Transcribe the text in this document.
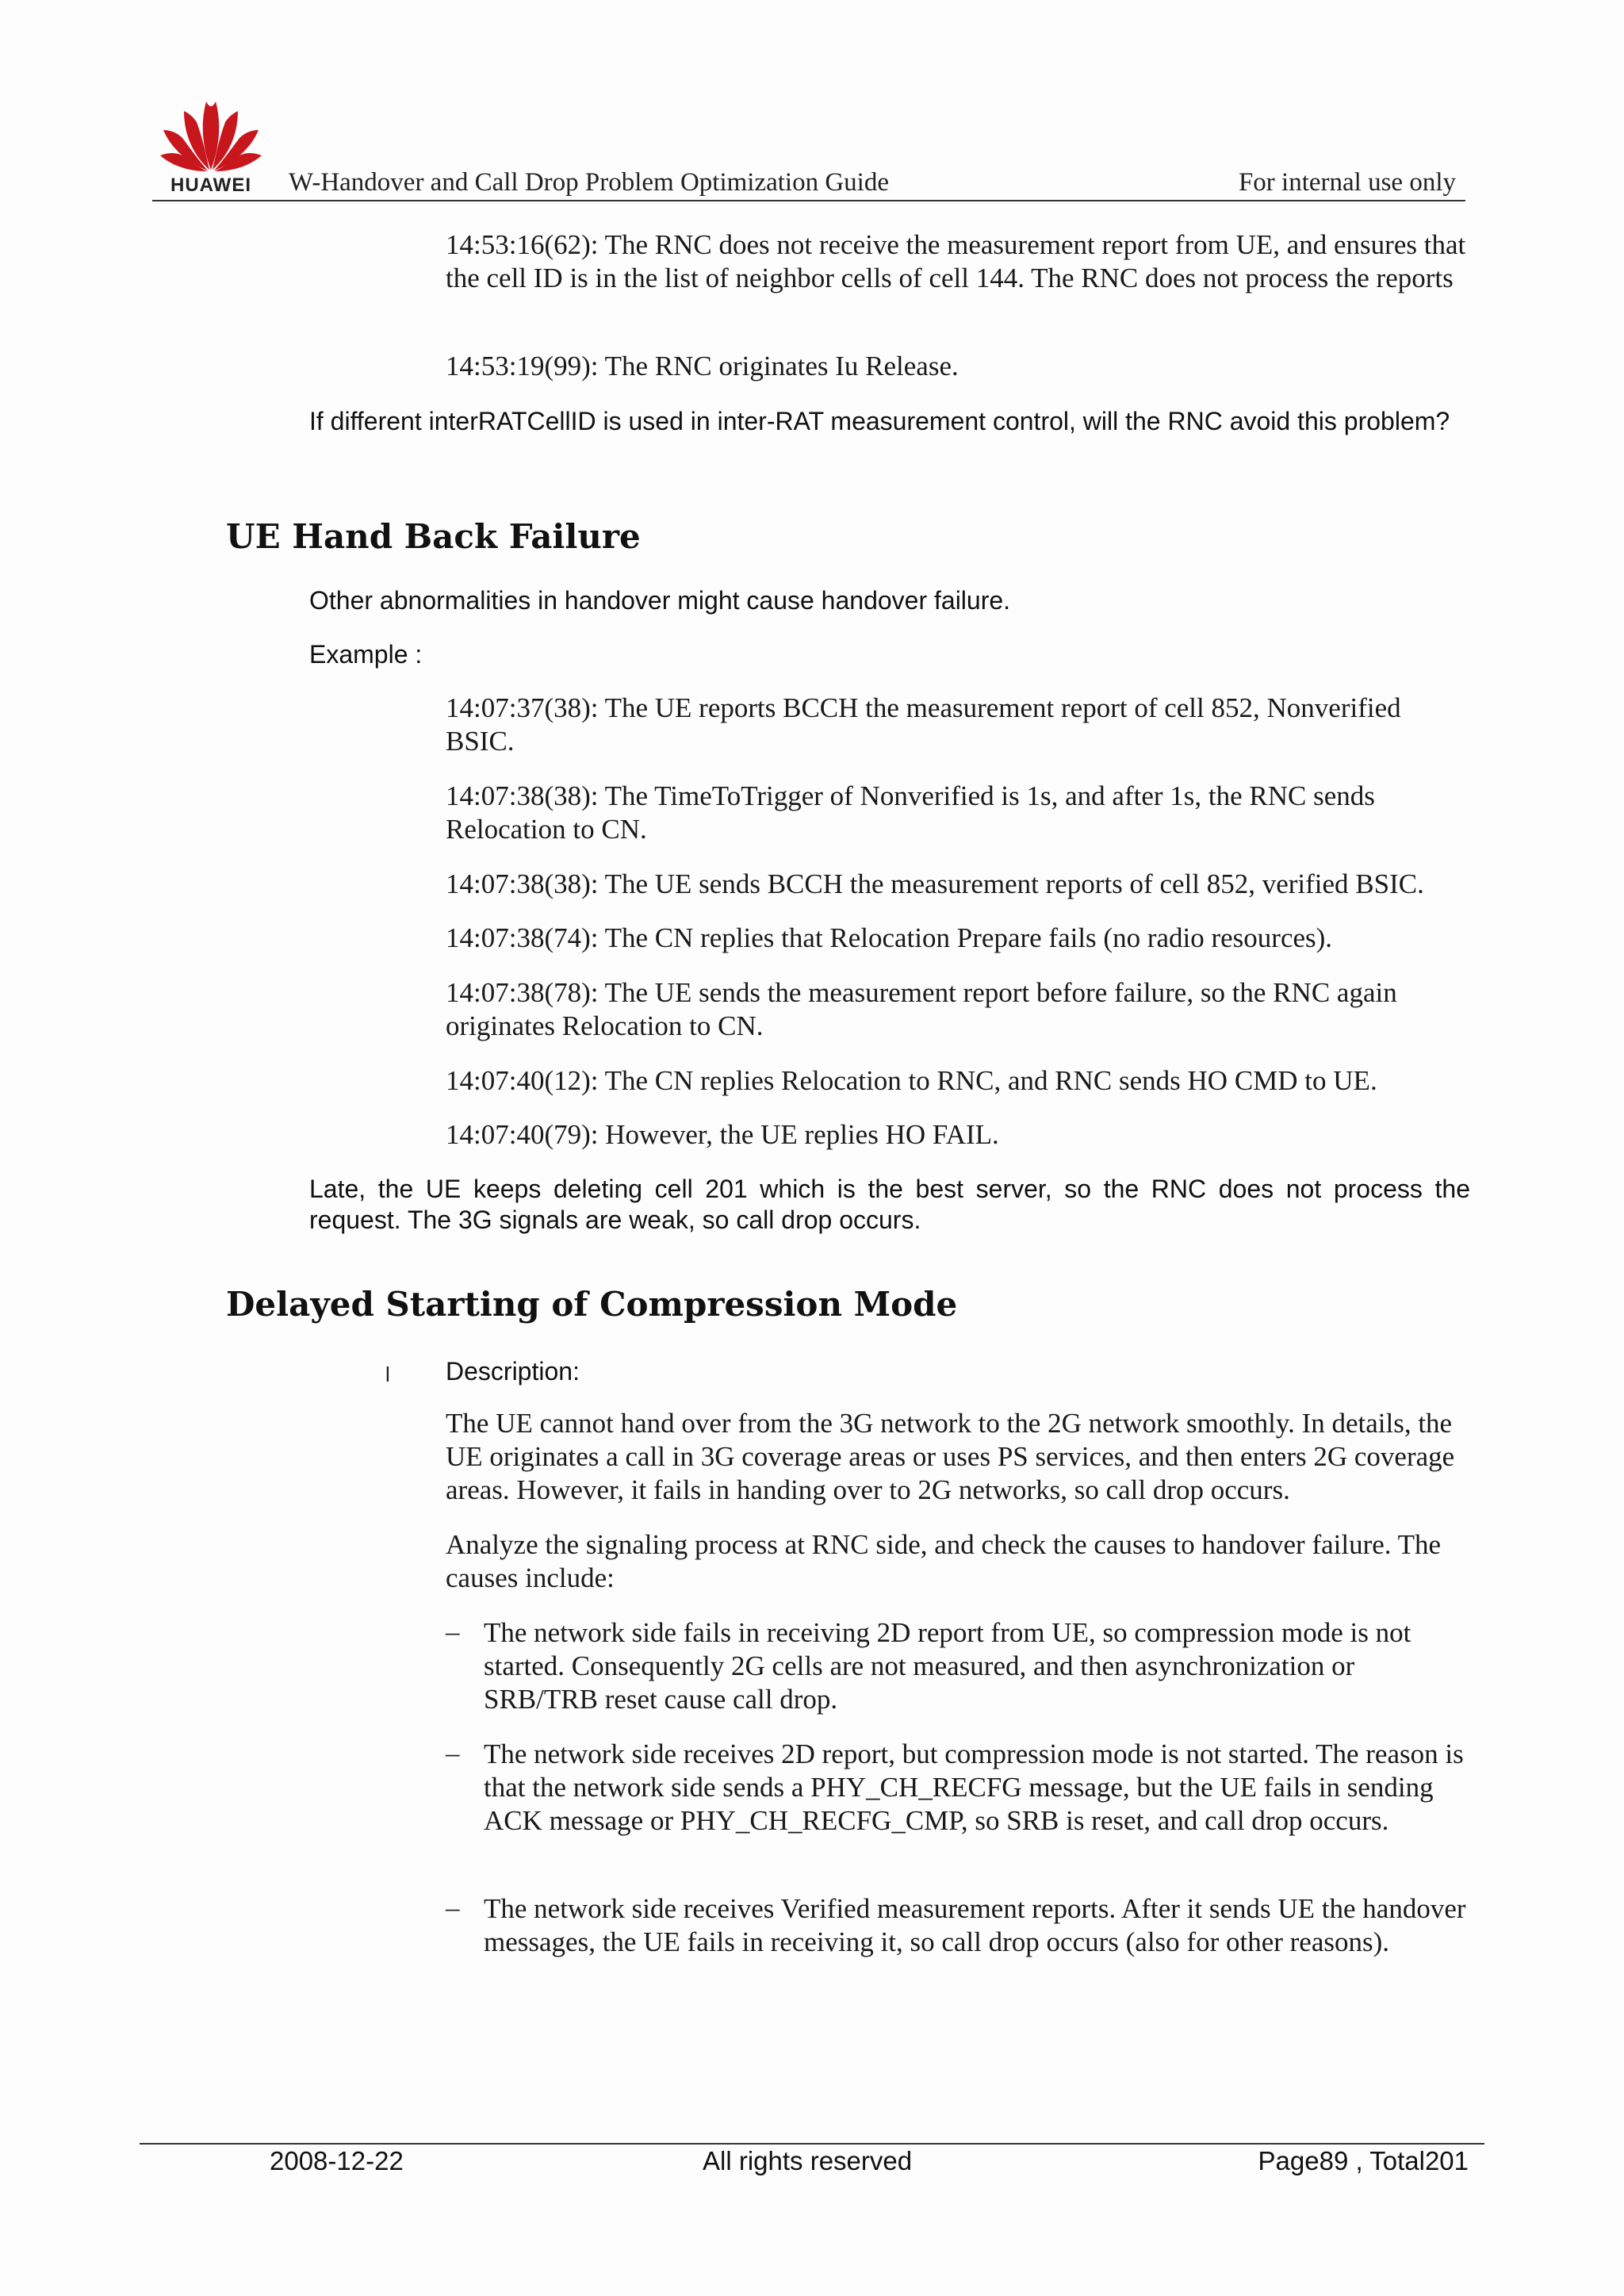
HUAWEI	W-Handover and Call Drop Problem Optimization Guide	For internal use only

14:53:16(62): The RNC does not receive the measurement report from UE, and ensures that the cell ID is in the list of neighbor cells of cell 144. The RNC does not process the reports

14:53:19(99): The RNC originates Iu Release.

If different interRATCellID is used in inter-RAT measurement control, will the RNC avoid this problem?

UE Hand Back Failure

Other abnormalities in handover might cause handover failure.

Example :

14:07:37(38): The UE reports BCCH the measurement report of cell 852, Nonverified BSIC.

14:07:38(38): The TimeToTrigger of Nonverified is 1s, and after 1s, the RNC sends Relocation to CN.

14:07:38(38): The UE sends BCCH the measurement reports of cell 852, verified BSIC.

14:07:38(74): The CN replies that Relocation Prepare fails (no radio resources).

14:07:38(78): The UE sends the measurement report before failure, so the RNC again originates Relocation to CN.

14:07:40(12): The CN replies Relocation to RNC, and RNC sends HO CMD to UE.

14:07:40(79): However, the UE replies HO FAIL.

Late, the UE keeps deleting cell 201 which is the best server, so the RNC does not process the request. The 3G signals are weak, so call drop occurs.

Delayed Starting of Compression Mode
l Description:

The UE cannot hand over from the 3G network to the 2G network smoothly. In details, the UE originates a call in 3G coverage areas or uses PS services, and then enters 2G coverage areas. However, it fails in handing over to 2G networks, so call drop occurs.

Analyze the signaling process at RNC side, and check the causes to handover failure. The causes include:

– The network side fails in receiving 2D report from UE, so compression mode is not started. Consequently 2G cells are not measured, and then asynchronization or SRB/TRB reset cause call drop.

– The network side receives 2D report, but compression mode is not started. The reason is that the network side sends a PHY_CH_RECFG message, but the UE fails in sending ACK message or PHY_CH_RECFG_CMP, so SRB is reset, and call drop occurs.

– The network side receives Verified measurement reports. After it sends UE the handover messages, the UE fails in receiving it, so call drop occurs (also for other reasons).

2008-12-22	All rights reserved	Page89 , Total201
